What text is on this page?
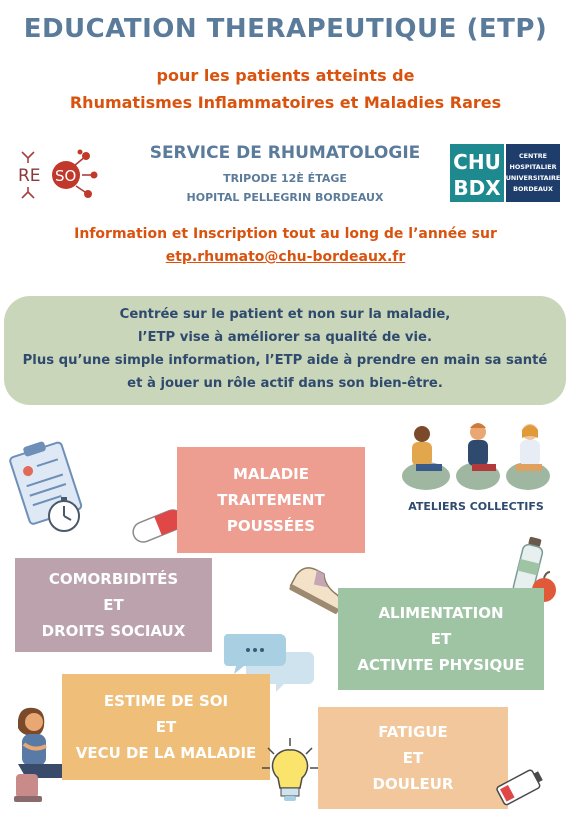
EDUCATION THERAPEUTIQUE (ETP)
pour les patients atteints de
Rhumatismes Inflammatoires et Maladies Rares
RE SO
SERVICE DE RHUMATOLOGIE
TRIPODE 12È ÉTAGE
HOPITAL PELLEGRIN BORDEAUX
CHU
BDX
CENTRE
HOSPITALIER
UNIVERSITAIRE
BORDEAUX
Information et Inscription tout au long de l’année sur
etp.rhumato@chu-bordeaux.fr
Centrée sur le patient et non sur la maladie,
l’ETP vise à améliorer sa qualité de vie.
Plus qu’une simple information, l’ETP aide à prendre en main sa santé
et à jouer un rôle actif dans son bien-être.
MALADIE
TRAITEMENT
POUSSÉES
ATELIERS COLLECTIFS
COMORBIDITÉS
ET
DROITS SOCIAUX
ALIMENTATION
ET
ACTIVITE PHYSIQUE
ESTIME DE SOI
ET
VECU DE LA MALADIE
FATIGUE
ET
DOULEUR
